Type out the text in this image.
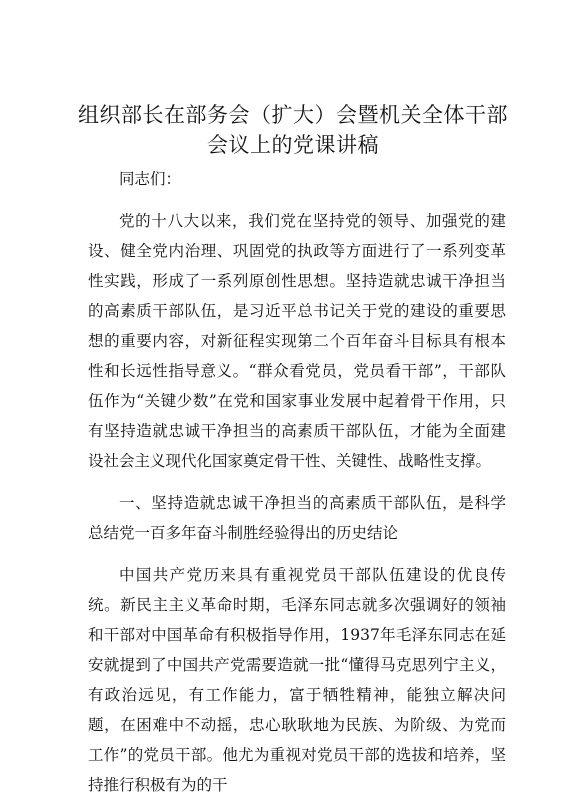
组织部长在部务会（扩大）会暨机关全体干部
会议上的党课讲稿

同志们：

党的十八大以来，我们党在坚持党的领导、加强党的建设、健全党内治理、巩固党的执政等方面进行了一系列变革性实践，形成了一系列原创性思想。坚持造就忠诚干净担当的高素质干部队伍，是习近平总书记关于党的建设的重要思想的重要内容，对新征程实现第二个百年奋斗目标具有根本性和长远性指导意义。“群众看党员，党员看干部”，干部队伍作为“关键少数”在党和国家事业发展中起着骨干作用，只有坚持造就忠诚干净担当的高素质干部队伍，才能为全面建设社会主义现代化国家奠定骨干性、关键性、战略性支撑。

一、坚持造就忠诚干净担当的高素质干部队伍，是科学总结党一百多年奋斗制胜经验得出的历史结论

中国共产党历来具有重视党员干部队伍建设的优良传统。新民主主义革命时期，毛泽东同志就多次强调好的领袖和干部对中国革命有积极指导作用，1937年毛泽东同志在延安就提到了中国共产党需要造就一批“懂得马克思列宁主义，有政治远见，有工作能力，富于牺牲精神，能独立解决问题，在困难中不动摇，忠心耿耿地为民族、为阶级、为党而工作”的党员干部。他尤为重视对党员干部的选拔和培养，坚持推行积极有为的干
